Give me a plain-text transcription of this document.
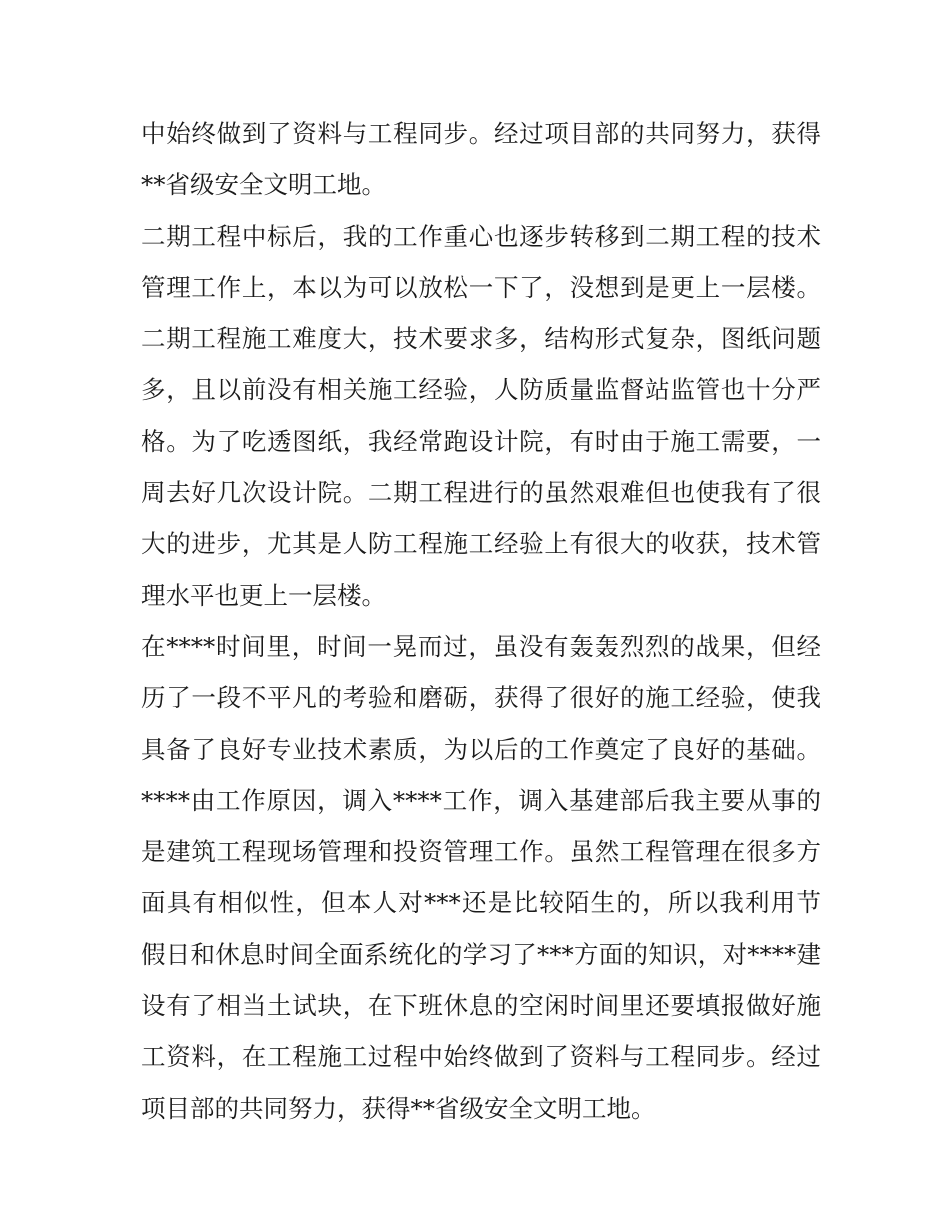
中始终做到了资料与工程同步。经过项目部的共同努力，获得
**省级安全文明工地。
二期工程中标后，我的工作重心也逐步转移到二期工程的技术
管理工作上，本以为可以放松一下了，没想到是更上一层楼。
二期工程施工难度大，技术要求多，结构形式复杂，图纸问题
多，且以前没有相关施工经验，人防质量监督站监管也十分严
格。为了吃透图纸，我经常跑设计院，有时由于施工需要，一
周去好几次设计院。二期工程进行的虽然艰难但也使我有了很
大的进步，尤其是人防工程施工经验上有很大的收获，技术管
理水平也更上一层楼。
在****时间里，时间一晃而过，虽没有轰轰烈烈的战果，但经
历了一段不平凡的考验和磨砺，获得了很好的施工经验，使我
具备了良好专业技术素质，为以后的工作奠定了良好的基础。
****由工作原因，调入****工作，调入基建部后我主要从事的
是建筑工程现场管理和投资管理工作。虽然工程管理在很多方
面具有相似性，但本人对***还是比较陌生的，所以我利用节
假日和休息时间全面系统化的学习了***方面的知识，对****建
设有了相当土试块，在下班休息的空闲时间里还要填报做好施
工资料，在工程施工过程中始终做到了资料与工程同步。经过
项目部的共同努力，获得**省级安全文明工地。
